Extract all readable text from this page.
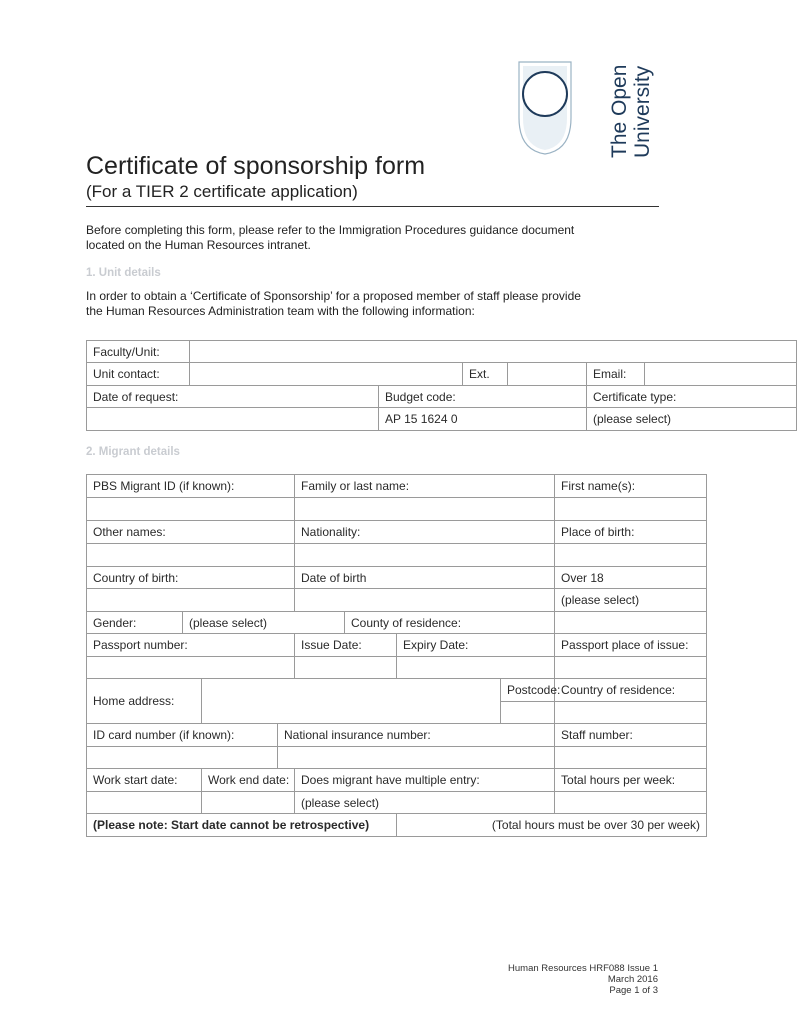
The Open University
Certificate of sponsorship form
(For a TIER 2 certificate application)
Before completing this form, please refer to the Immigration Procedures guidance document
located on the Human Resources intranet.
1. Unit details
In order to obtain a ‘Certificate of Sponsorship’ for a proposed member of staff please provide
the Human Resources Administration team with the following information:
Faculty/Unit:						
Unit contact:			Ext.		Email:	
Date of request:		Budget code:			Certificate type:	
		AP 15 1624 0			(please select)	
2. Migrant details
PBS Migrant ID (if known):				Family or last name:				First name(s):

Other names:				Nationality:				Place of birth:

Country of birth:				Date of birth				Over 18
								(please select)
Gender:	(please select)				County of residence:			
Passport number:				Issue Date:		Expiry Date:		Passport place of issue:

Home address:							Postcode:	Country of residence:

ID card number (if known):			National insurance number:					Staff number:

Work start date:		Work end date:		Does migrant have multiple entry:				Total hours per week:
				(please select)				
(Please note: Start date cannot be retrospective)						(Total hours must be over 30 per week)		
Human Resources HRF088 Issue 1
March 2016
Page 1 of 3
